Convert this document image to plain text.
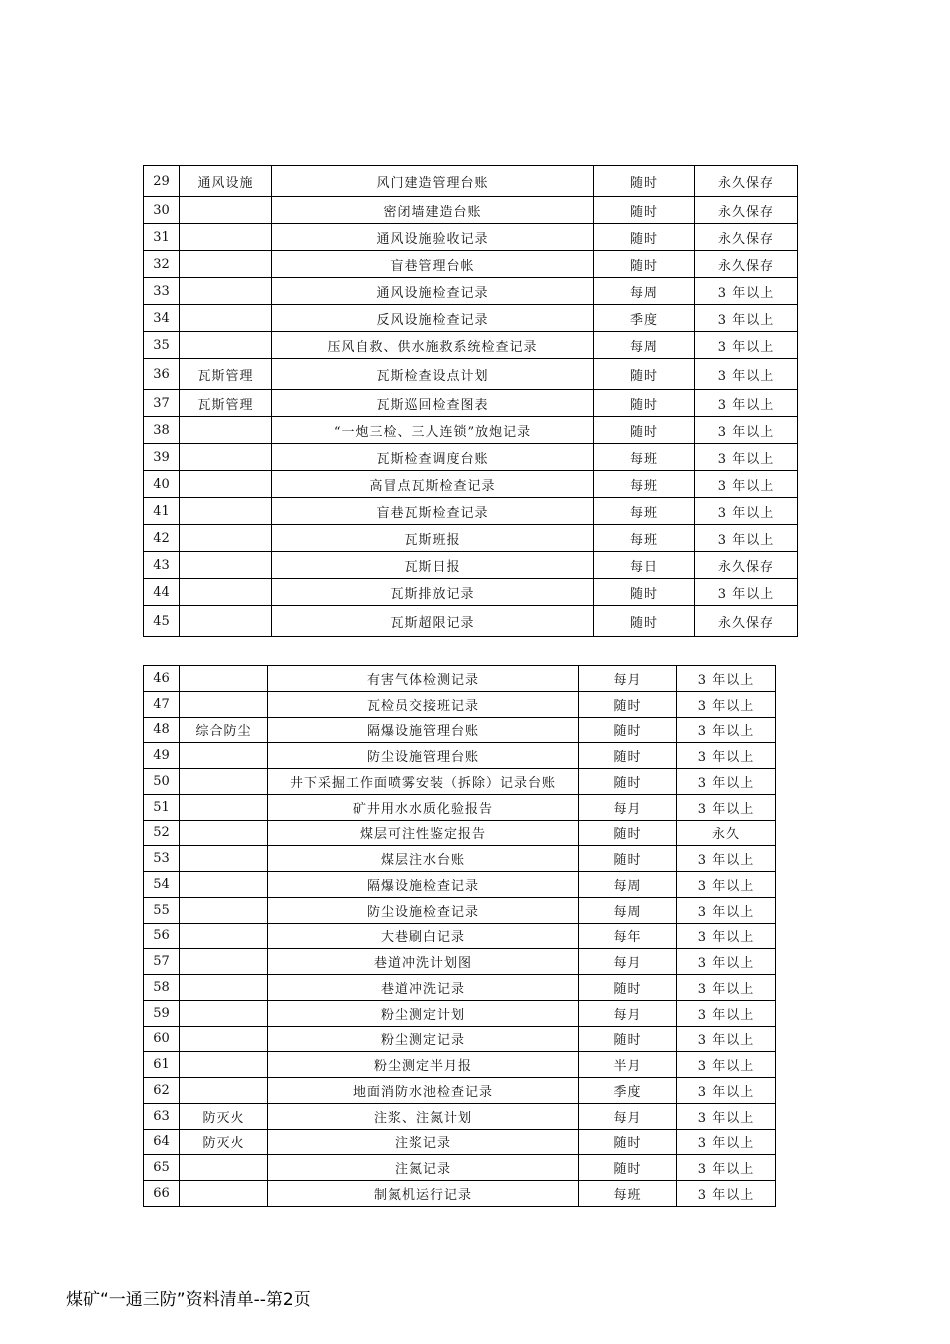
29	通风设施	风门建造管理台账	随时	永久保存
30		密闭墙建造台账	随时	永久保存
31		通风设施验收记录	随时	永久保存
32		盲巷管理台帐	随时	永久保存
33		通风设施检查记录	每周	3 年以上
34		反风设施检查记录	季度	3 年以上
35		压风自救、供水施救系统检查记录	每周	3 年以上
36	瓦斯管理	瓦斯检查设点计划	随时	3 年以上
37	瓦斯管理	瓦斯巡回检查图表	随时	3 年以上
38		“一炮三检、三人连锁”放炮记录	随时	3 年以上
39		瓦斯检查调度台账	每班	3 年以上
40		高冒点瓦斯检查记录	每班	3 年以上
41		盲巷瓦斯检查记录	每班	3 年以上
42		瓦斯班报	每班	3 年以上
43		瓦斯日报	每日	永久保存
44		瓦斯排放记录	随时	3 年以上
45		瓦斯超限记录	随时	永久保存
46		有害气体检测记录	每月	3 年以上
47		瓦检员交接班记录	随时	3 年以上
48	综合防尘	隔爆设施管理台账	随时	3 年以上
49		防尘设施管理台账	随时	3 年以上
50		井下采掘工作面喷雾安装（拆除）记录台账	随时	3 年以上
51		矿井用水水质化验报告	每月	3 年以上
52		煤层可注性鉴定报告	随时	永久
53		煤层注水台账	随时	3 年以上
54		隔爆设施检查记录	每周	3 年以上
55		防尘设施检查记录	每周	3 年以上
56		大巷刷白记录	每年	3 年以上
57		巷道冲洗计划图	每月	3 年以上
58		巷道冲洗记录	随时	3 年以上
59		粉尘测定计划	每月	3 年以上
60		粉尘测定记录	随时	3 年以上
61		粉尘测定半月报	半月	3 年以上
62		地面消防水池检查记录	季度	3 年以上
63	防灭火	注浆、注氮计划	每月	3 年以上
64	防灭火	注浆记录	随时	3 年以上
65		注氮记录	随时	3 年以上
66		制氮机运行记录	每班	3 年以上
煤矿“一通三防”资料清单--第2页
